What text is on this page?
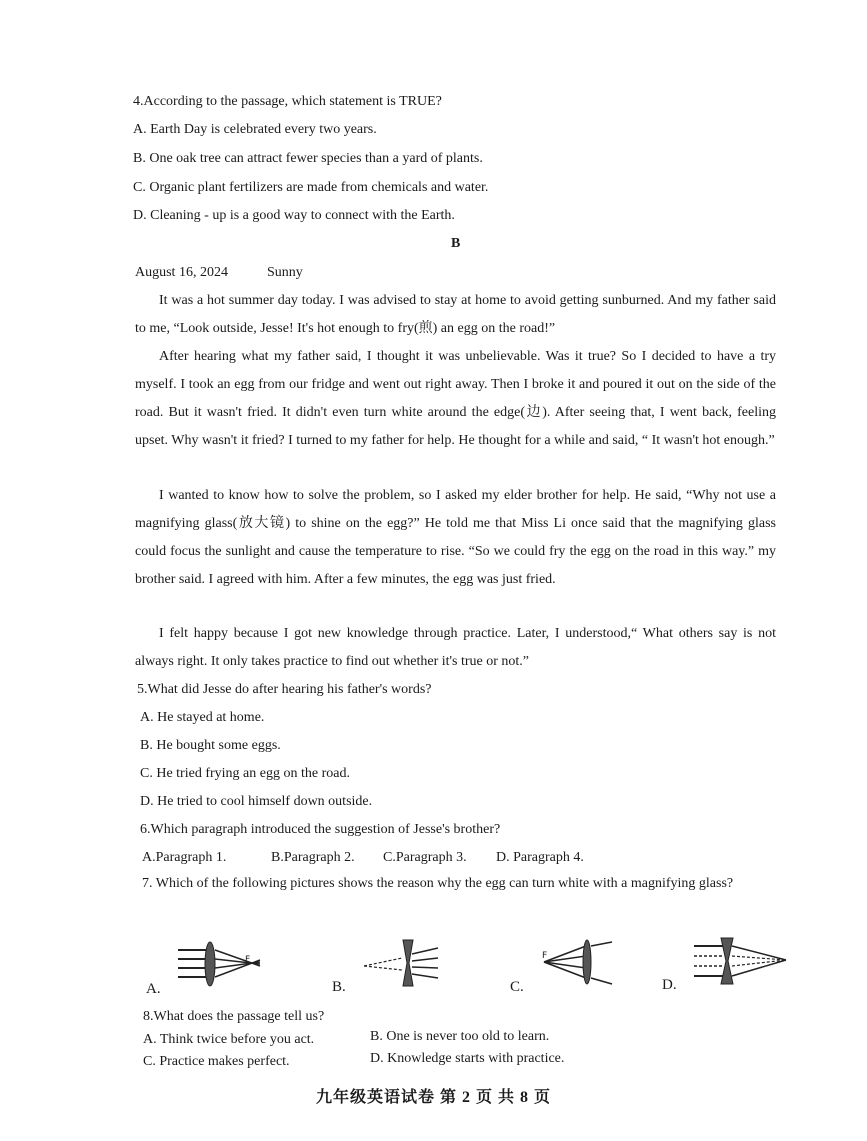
4.According to the passage, which statement is TRUE?
A. Earth Day is celebrated every two years.
B. One oak tree can attract fewer species than a yard of plants.
C. Organic plant fertilizers are made from chemicals and water.
D. Cleaning - up is a good way to connect with the Earth.
B
August 16, 2024	Sunny
It was a hot summer day today. I was advised to stay at home to avoid getting sunburned. And my father said to me, “Look outside, Jesse! It's hot enough to fry(煎) an egg on the road!”
After hearing what my father said, I thought it was unbelievable. Was it true? So I decided to have a try myself. I took an egg from our fridge and went out right away. Then I broke it and poured it out on the side of the road. But it wasn't fried. It didn't even turn white around the edge(边). After seeing that, I went back, feeling upset. Why wasn't it fried? I turned to my father for help. He thought for a while and said, “ It wasn't hot enough.”
I wanted to know how to solve the problem, so I asked my elder brother for help. He said, “Why not use a magnifying glass(放大镜) to shine on the egg?” He told me that Miss Li once said that the magnifying glass could focus the sunlight and cause the temperature to rise. “So we could fry the egg on the road in this way.” my brother said. I agreed with him. After a few minutes, the egg was just fried.
I felt happy because I got new knowledge through practice. Later, I understood,“ What others say is not always right. It only takes practice to find out whether it's true or not.”
5.What did Jesse do after hearing his father's words?
A. He stayed at home.
B. He bought some eggs.
C. He tried frying an egg on the road.
D. He tried to cool himself down outside.
6.Which paragraph introduced the suggestion of Jesse's brother?
A.Paragraph 1.	B.Paragraph 2. C.Paragraph 3. D. Paragraph 4.
7. Which of the following pictures shows the reason why the egg can turn white with a magnifying glass?
F
A.	B.
F
C.	D.
8.What does the passage tell us?
A. Think twice before you act.	B. One is never too old to learn.
C. Practice makes perfect.	D. Knowledge starts with practice.
九年级英语试卷 第 2 页 共 8 页
